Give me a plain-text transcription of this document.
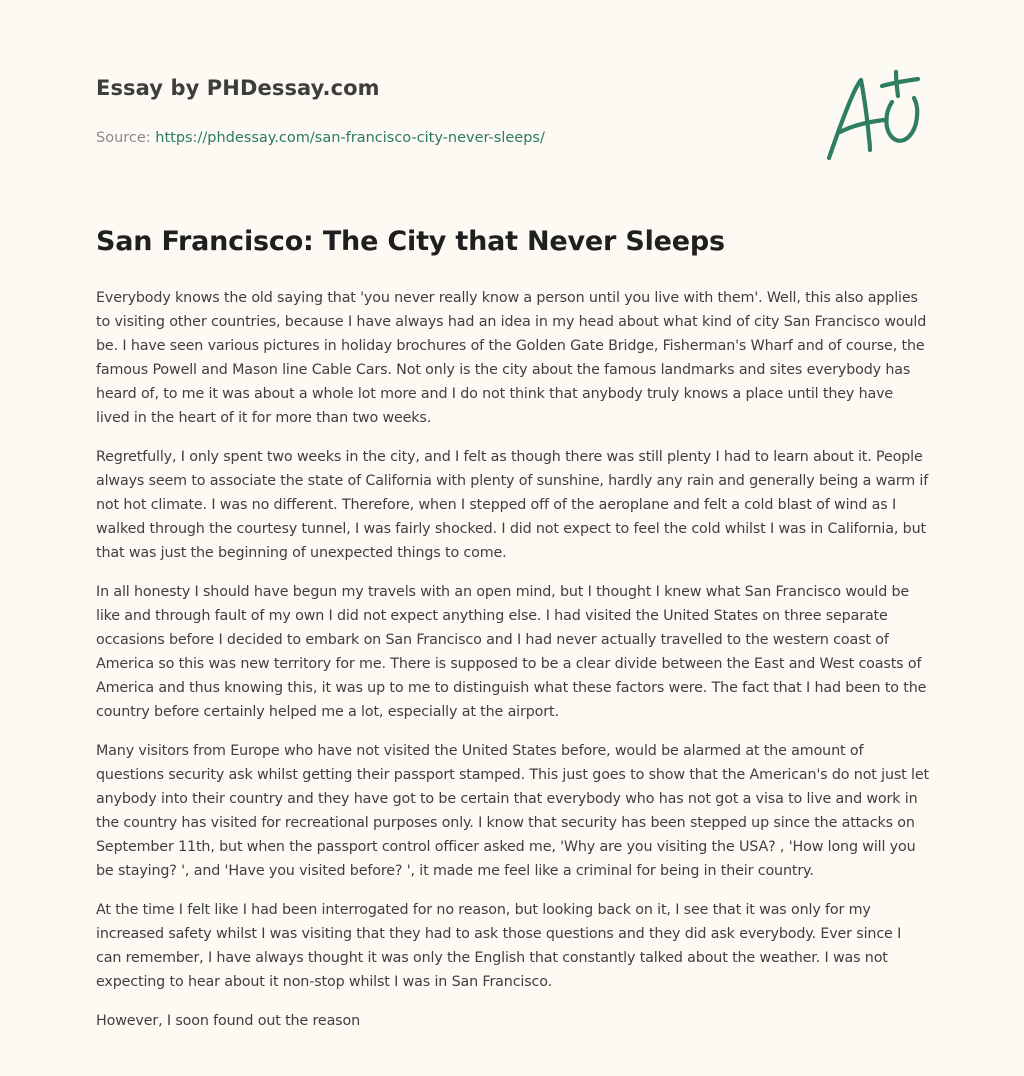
Essay by PHDessay.com
Source: https://phdessay.com/san-francisco-city-never-sleeps/
San Francisco: The City that Never Sleeps

Everybody knows the old saying that 'you never really know a person until you live with them'. Well, this also applies to visiting other countries, because I have always had an idea in my head about what kind of city San Francisco would be. I have seen various pictures in holiday brochures of the Golden Gate Bridge, Fisherman's Wharf and of course, the famous Powell and Mason line Cable Cars. Not only is the city about the famous landmarks and sites everybody has heard of, to me it was about a whole lot more and I do not think that anybody truly knows a place until they have lived in the heart of it for more than two weeks.

Regretfully, I only spent two weeks in the city, and I felt as though there was still plenty I had to learn about it. People always seem to associate the state of California with plenty of sunshine, hardly any rain and generally being a warm if not hot climate. I was no different. Therefore, when I stepped off of the aeroplane and felt a cold blast of wind as I walked through the courtesy tunnel, I was fairly shocked. I did not expect to feel the cold whilst I was in California, but that was just the beginning of unexpected things to come.

In all honesty I should have begun my travels with an open mind, but I thought I knew what San Francisco would be like and through fault of my own I did not expect anything else. I had visited the United States on three separate occasions before I decided to embark on San Francisco and I had never actually travelled to the western coast of America so this was new territory for me. There is supposed to be a clear divide between the East and West coasts of America and thus knowing this, it was up to me to distinguish what these factors were. The fact that I had been to the country before certainly helped me a lot, especially at the airport.

Many visitors from Europe who have not visited the United States before, would be alarmed at the amount of questions security ask whilst getting their passport stamped. This just goes to show that the American's do not just let anybody into their country and they have got to be certain that everybody who has not got a visa to live and work in the country has visited for recreational purposes only. I know that security has been stepped up since the attacks on September 11th, but when the passport control officer asked me, 'Why are you visiting the USA? , 'How long will you be staying? ', and 'Have you visited before? ', it made me feel like a criminal for being in their country.

At the time I felt like I had been interrogated for no reason, but looking back on it, I see that it was only for my increased safety whilst I was visiting that they had to ask those questions and they did ask everybody. Ever since I can remember, I have always thought it was only the English that constantly talked about the weather. I was not expecting to hear about it non-stop whilst I was in San Francisco.

However, I soon found out the reason
